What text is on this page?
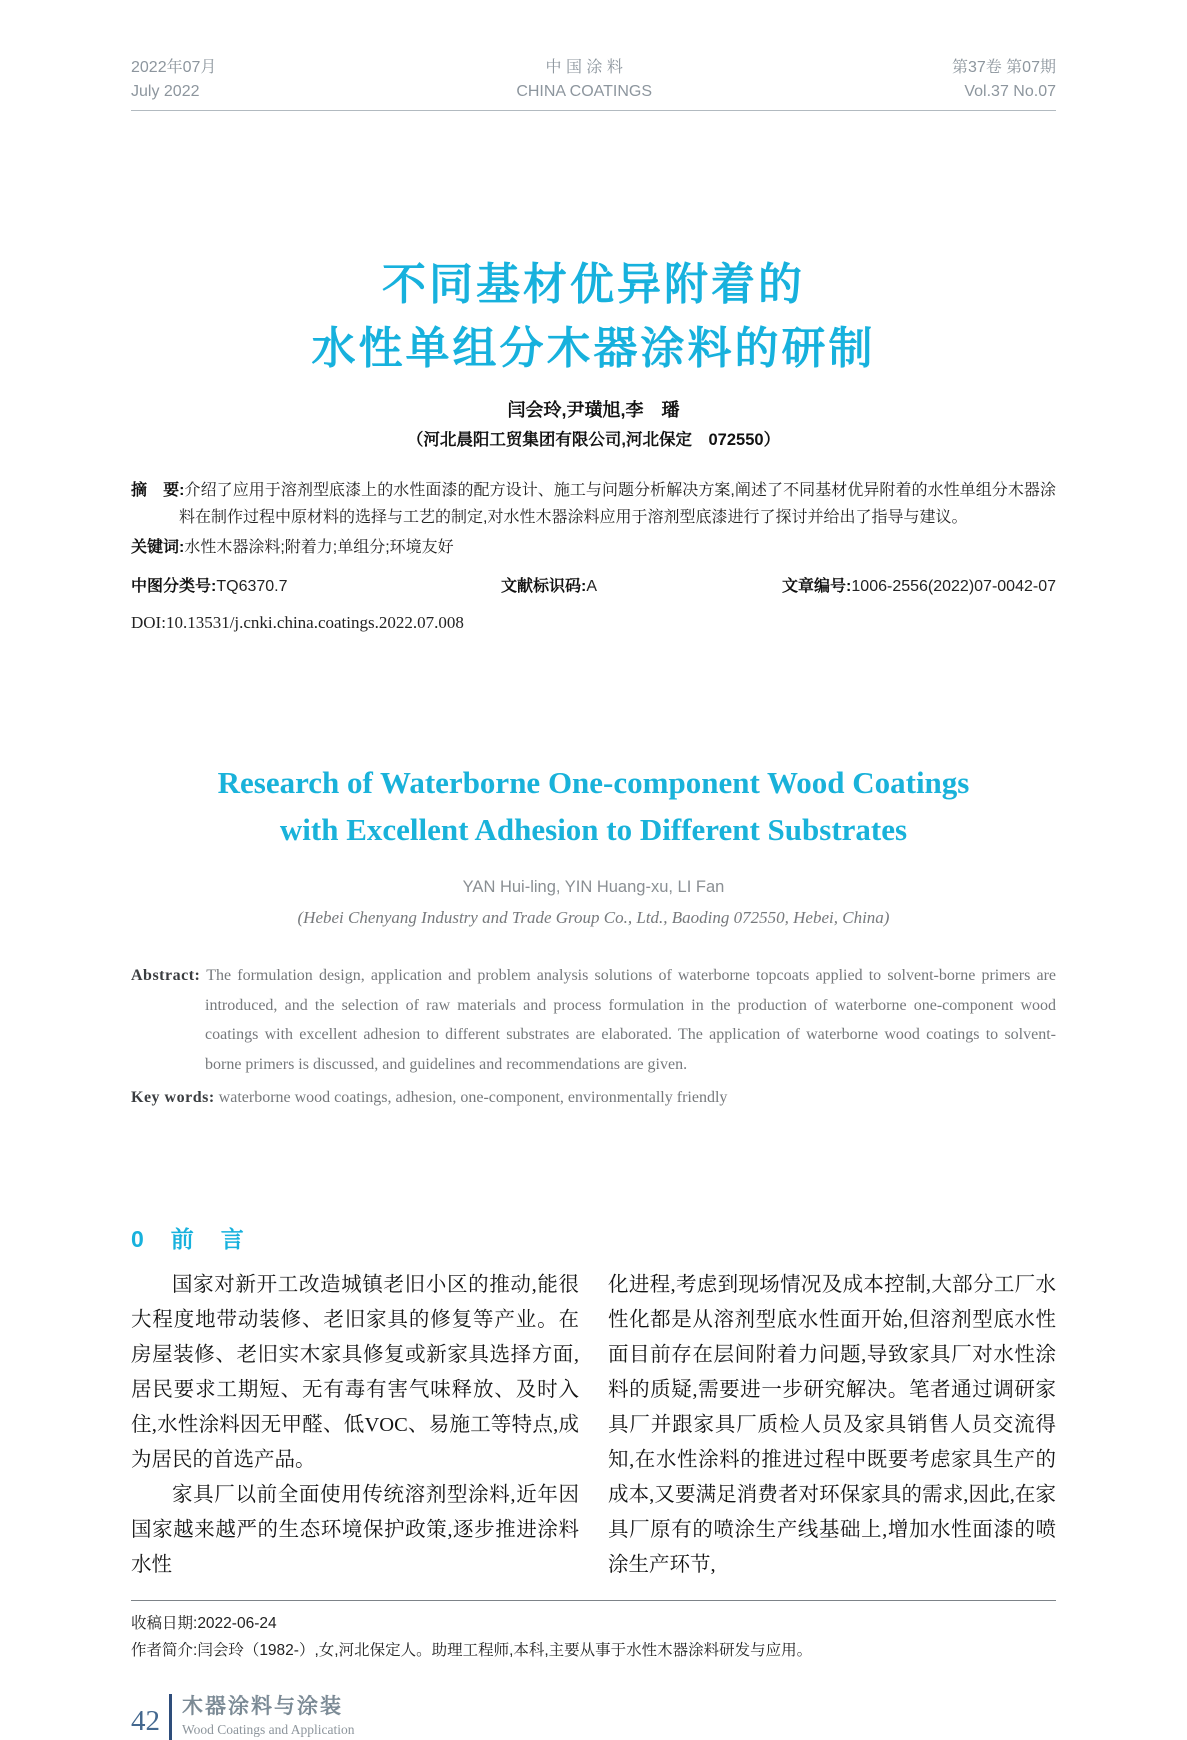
2022年07月
July 2022
中 国 涂 料
CHINA COATINGS
第37卷 第07期
Vol.37 No.07
不同基材优异附着的
水性单组分木器涂料的研制
闫会玲,尹璜旭,李　璠
（河北晨阳工贸集团有限公司,河北保定　072550）
摘　要:介绍了应用于溶剂型底漆上的水性面漆的配方设计、施工与问题分析解决方案,阐述了不同基材优异附着的水性单组分木器涂料在制作过程中原材料的选择与工艺的制定,对水性木器涂料应用于溶剂型底漆进行了探讨并给出了指导与建议。
关键词:水性木器涂料;附着力;单组分;环境友好
中图分类号:TQ6370.7	文献标识码:A	文章编号:1006-2556(2022)07-0042-07
DOI:10.13531/j.cnki.china.coatings.2022.07.008
Research of Waterborne One-component Wood Coatings
with Excellent Adhesion to Different Substrates
YAN Hui-ling, YIN Huang-xu, LI Fan
(Hebei Chenyang Industry and Trade Group Co., Ltd., Baoding 072550, Hebei, China)
Abstract: The formulation design, application and problem analysis solutions of waterborne topcoats applied to solvent-borne primers are introduced, and the selection of raw materials and process formulation in the production of waterborne one-component wood coatings with excellent adhesion to different substrates are elaborated. The application of waterborne wood coatings to solvent-borne primers is discussed, and guidelines and recommendations are given.
Key words: waterborne wood coatings, adhesion, one-component, environmentally friendly
0　前　言

国家对新开工改造城镇老旧小区的推动,能很大程度地带动装修、老旧家具的修复等产业。在房屋装修、老旧实木家具修复或新家具选择方面,居民要求工期短、无有毒有害气味释放、及时入住,水性涂料因无甲醛、低VOC、易施工等特点,成为居民的首选产品。

家具厂以前全面使用传统溶剂型涂料,近年因国家越来越严的生态环境保护政策,逐步推进涂料水性

化进程,考虑到现场情况及成本控制,大部分工厂水性化都是从溶剂型底水性面开始,但溶剂型底水性面目前存在层间附着力问题,导致家具厂对水性涂料的质疑,需要进一步研究解决。笔者通过调研家具厂并跟家具厂质检人员及家具销售人员交流得知,在水性涂料的推进过程中既要考虑家具生产的成本,又要满足消费者对环保家具的需求,因此,在家具厂原有的喷涂生产线基础上,增加水性面漆的喷涂生产环节,

收稿日期:2022-06-24
作者简介:闫会玲（1982-）,女,河北保定人。助理工程师,本科,主要从事于水性木器涂料研发与应用。
42 木器涂料与涂装
Wood Coatings and Application
